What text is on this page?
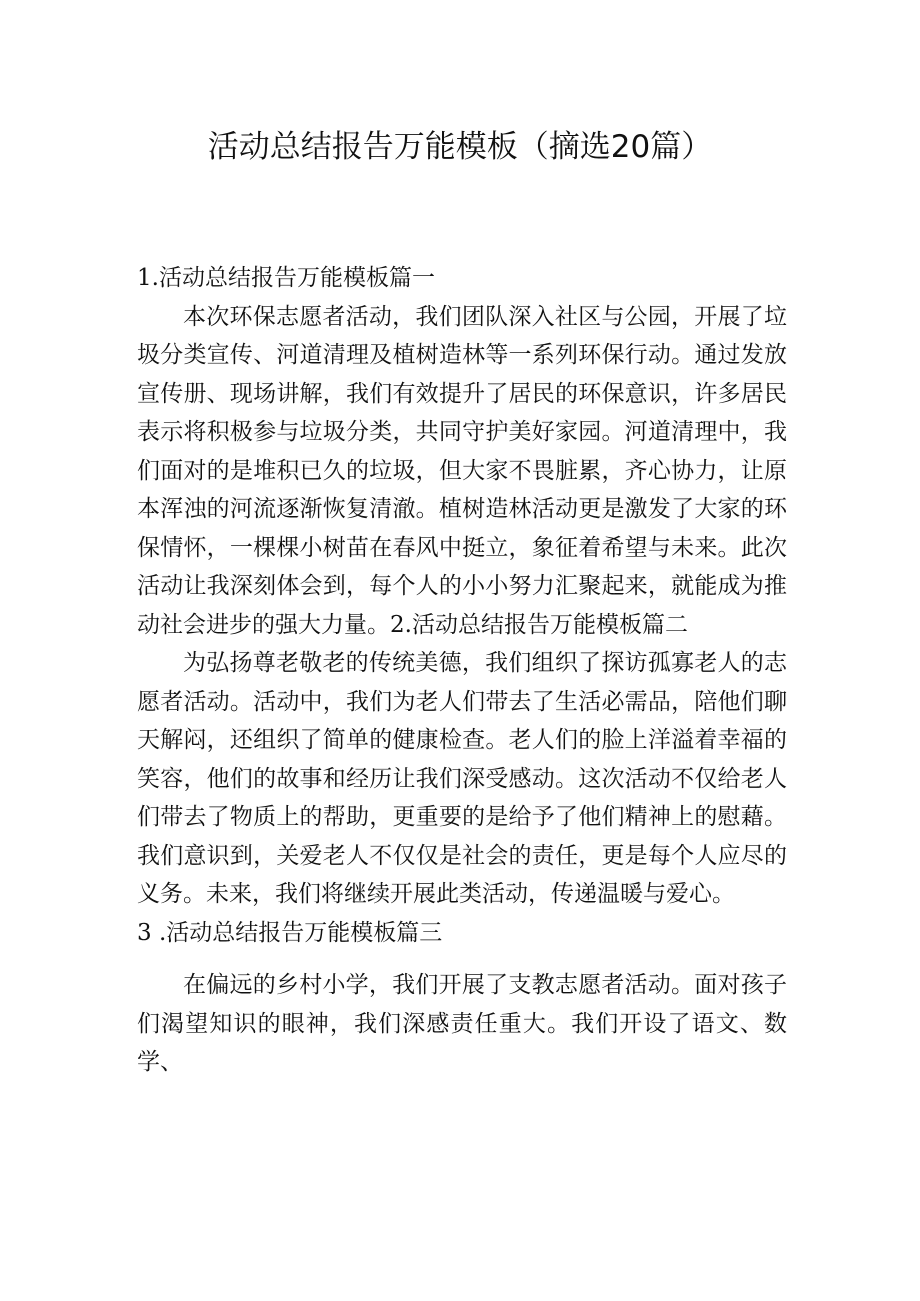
活动总结报告万能模板（摘选20篇）

1.活动总结报告万能模板篇一

本次环保志愿者活动，我们团队深入社区与公园，开展了垃圾分类宣传、河道清理及植树造林等一系列环保行动。通过发放宣传册、现场讲解，我们有效提升了居民的环保意识，许多居民表示将积极参与垃圾分类，共同守护美好家园。河道清理中，我们面对的是堆积已久的垃圾，但大家不畏脏累，齐心协力，让原本浑浊的河流逐渐恢复清澈。植树造林活动更是激发了大家的环保情怀，一棵棵小树苗在春风中挺立，象征着希望与未来。此次活动让我深刻体会到，每个人的小小努力汇聚起来，就能成为推动社会进步的强大力量。2.活动总结报告万能模板篇二

为弘扬尊老敬老的传统美德，我们组织了探访孤寡老人的志愿者活动。活动中，我们为老人们带去了生活必需品，陪他们聊天解闷，还组织了简单的健康检查。老人们的脸上洋溢着幸福的笑容，他们的故事和经历让我们深受感动。这次活动不仅给老人们带去了物质上的帮助，更重要的是给予了他们精神上的慰藉。我们意识到，关爱老人不仅仅是社会的责任，更是每个人应尽的义务。未来，我们将继续开展此类活动，传递温暖与爱心。

3 .活动总结报告万能模板篇三

在偏远的乡村小学，我们开展了支教志愿者活动。面对孩子们渴望知识的眼神，我们深感责任重大。我们开设了语文、数学、
